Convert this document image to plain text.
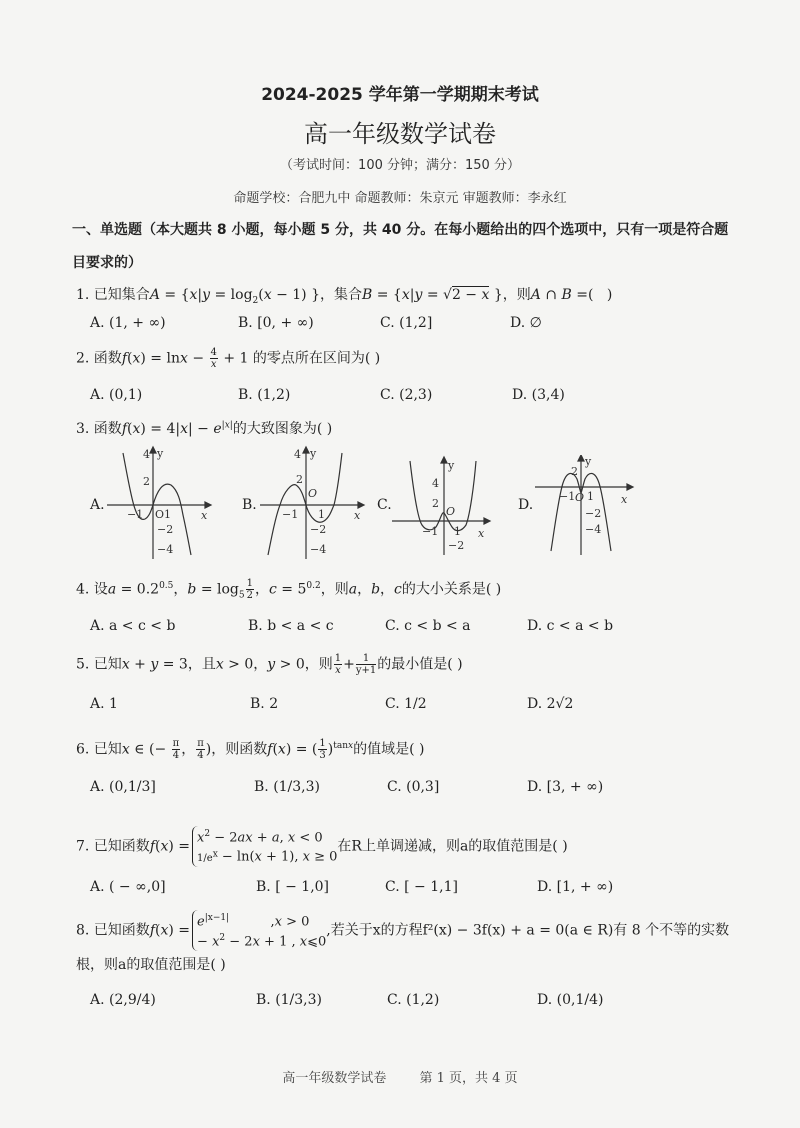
2024-2025 学年第一学期期末考试
高一年级数学试卷
（考试时间：100 分钟；满分：150 分）
命题学校：合肥九中 命题教师：朱京元 审题教师：李永红
一、单选题（本大题共 8 小题，每小题 5 分，共 40 分。在每小题给出的四个选项中，只有一项是符合题
目要求的）
1. 已知集合$A = \{x|y = \log_2(x - 1)$ }，集合B = {x|y = √2 − x }，则A ∩ B =(   )
A. (1, + ∞)	B. [0, + ∞)	C. (1,2]	D. ∅
2. 函数$f(x) = \ln x - \frac{4}{x} + 1$ 的零点所在区间为( )
A. (0,1)	B. (1,2)	C. (2,3)	D. (3,4)
3. 函数$f(x) = 4|x| - e^{|x|}$的大致图象为( )
A.
4 y
2
−1 O1
−2
−4
x
B.
4 y
2
O
−1 1
−2
−4
x
C.
4
y
2
O
−1 1
−2
x
D.
2
y
−1 O 1
−2
−4
x
4. 设$a = 0.2^{0.5}$，$b = \log_5 \frac{1}{2}$ ，$c = 5^{0.2}$，则a，b，c的大小关系是( )
A. a < c < b	B. b < a < c	C. c < b < a	D. c < a < b
5. 已知x + y = 3，且x > 0，y > 0，则 $\frac{1}{x} + \frac{1}{y+1}$ 的最小值是( )
A. 1	B. 2	C. 1/2	D. 2√2
6. 已知x ∈ (− $\frac{\pi}{4}$ ， $\frac{\pi}{4}$ )，则函数f(x) = ( $\frac{1}{3} )^{tanx}$的值域是( )
A. (0,1/3]	B. (1/3,3)	C. (0,3]	D. [3, + ∞)
7. 已知函数f(x) =
$x^2 - 2ax + a$, x < 0
$1/e^x - \ln(x + 1)$, x ≥ 0
在R上单调递减，则a的取值范围是( )
A. ( − ∞,0]	B. [ − 1,0]	C. [ − 1,1]	D. [1, + ∞)
8. 已知函数f(x) =
$e^{|x-1|}$          ,x > 0
− $x^2 - 2x + 1$ , x⩽0
,若关于x的方程f²(x) − 3f(x) + a = 0(a ∈ R)有 8 个不等的实数
根，则a的取值范围是( )
A. (2,9/4)	B. (1/3,3)	C. (1,2)	D. (0,1/4)
高一年级数学试卷	第 1 页，共 4 页
